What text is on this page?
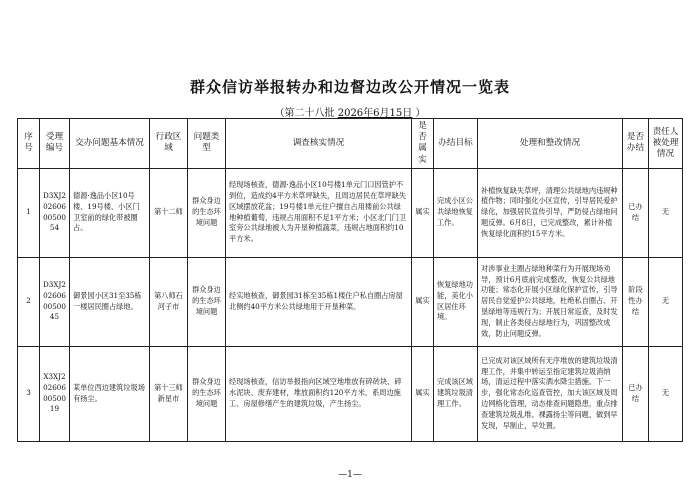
群众信访举报转办和边督边改公开情况一览表
（第二十八批 2026年6月15日 ）
序号	受理编号	交办问题基本情况	行政区域	问题类型	调查核实情况	是否属实	办结目标	处理和整改情况	是否办结	责任人被处理情况
1	D3XJ2026060050054	德源·逸品小区10号楼、19号楼、小区门卫室前的绿化带被圈占。	第十二师	群众身边的生态环境问题	经现场核查，德源·逸品小区10号楼1单元门口因管护不到位，造成约4平方米草坪缺失，且周边居民在草坪缺失区域摆放花盆；19号楼1单元住户擅自占用楼前公共绿地种植葡萄，违规占用面积不足1平方米；小区北门门卫室旁公共绿地被人为开垦种植蔬菜，违规占地面积约10平方米。	属实	完成小区公共绿地恢复工作。	补植恢复缺失草坪，清理公共绿地内违规种植作物；同时强化小区宣传，引导居民爱护绿化，加强居民宣传引导，严防侵占绿地问题反弹。6月8日，已完成整改，累计补植恢复绿化面积约15平方米。	已办结	无
2	D3XJ2026060050045	御景园小区31至35栋一楼居民圈占绿地。	第八师石河子市	群众身边的生态环境问题	经实地核查，御景园31栋至35栋1楼住户私自圈占房屋北侧约40平方米公共绿地用于开垦种菜。	属实	恢复绿地功能，美化小区居住环境。	对涉事业主圈占绿地种菜行为开展现场劝导，预计6月底前完成整改，恢复公共绿地功能；常态化开展小区绿化保护宣传，引导居民自觉爱护公共绿地，杜绝私自圈占、开垦绿地等违规行为；开展日常巡查，及时发现，制止各类侵占绿地行为，巩固整改成效，防止问题反弹。	阶段性办结	无
3	X3XJ2026060050019	某单位西边建筑垃圾场有扬尘。	第十三师新星市	群众身边的生态环境问题	经现场核查，信访举报指向区域空地堆放有碎砖块、碎水泥块、废弃建材，堆放面积约120平方米，系周边施工、房屋修缮产生的建筑垃圾，产生扬尘。	属实	完成该区域建筑垃圾清理工作。	已完成对该区域所有无序堆放的建筑垃圾清理工作，并集中转运至指定建筑垃圾消纳场，清运过程中落实洒水降尘措施。下一步，强化常态化巡查管控，加大该区域及周边网格化管理，动态排查问题隐患，重点排查建筑垃圾乱堆、裸露扬尘等问题，做到早发现，早制止，早处置。	已办结	无
—1—
